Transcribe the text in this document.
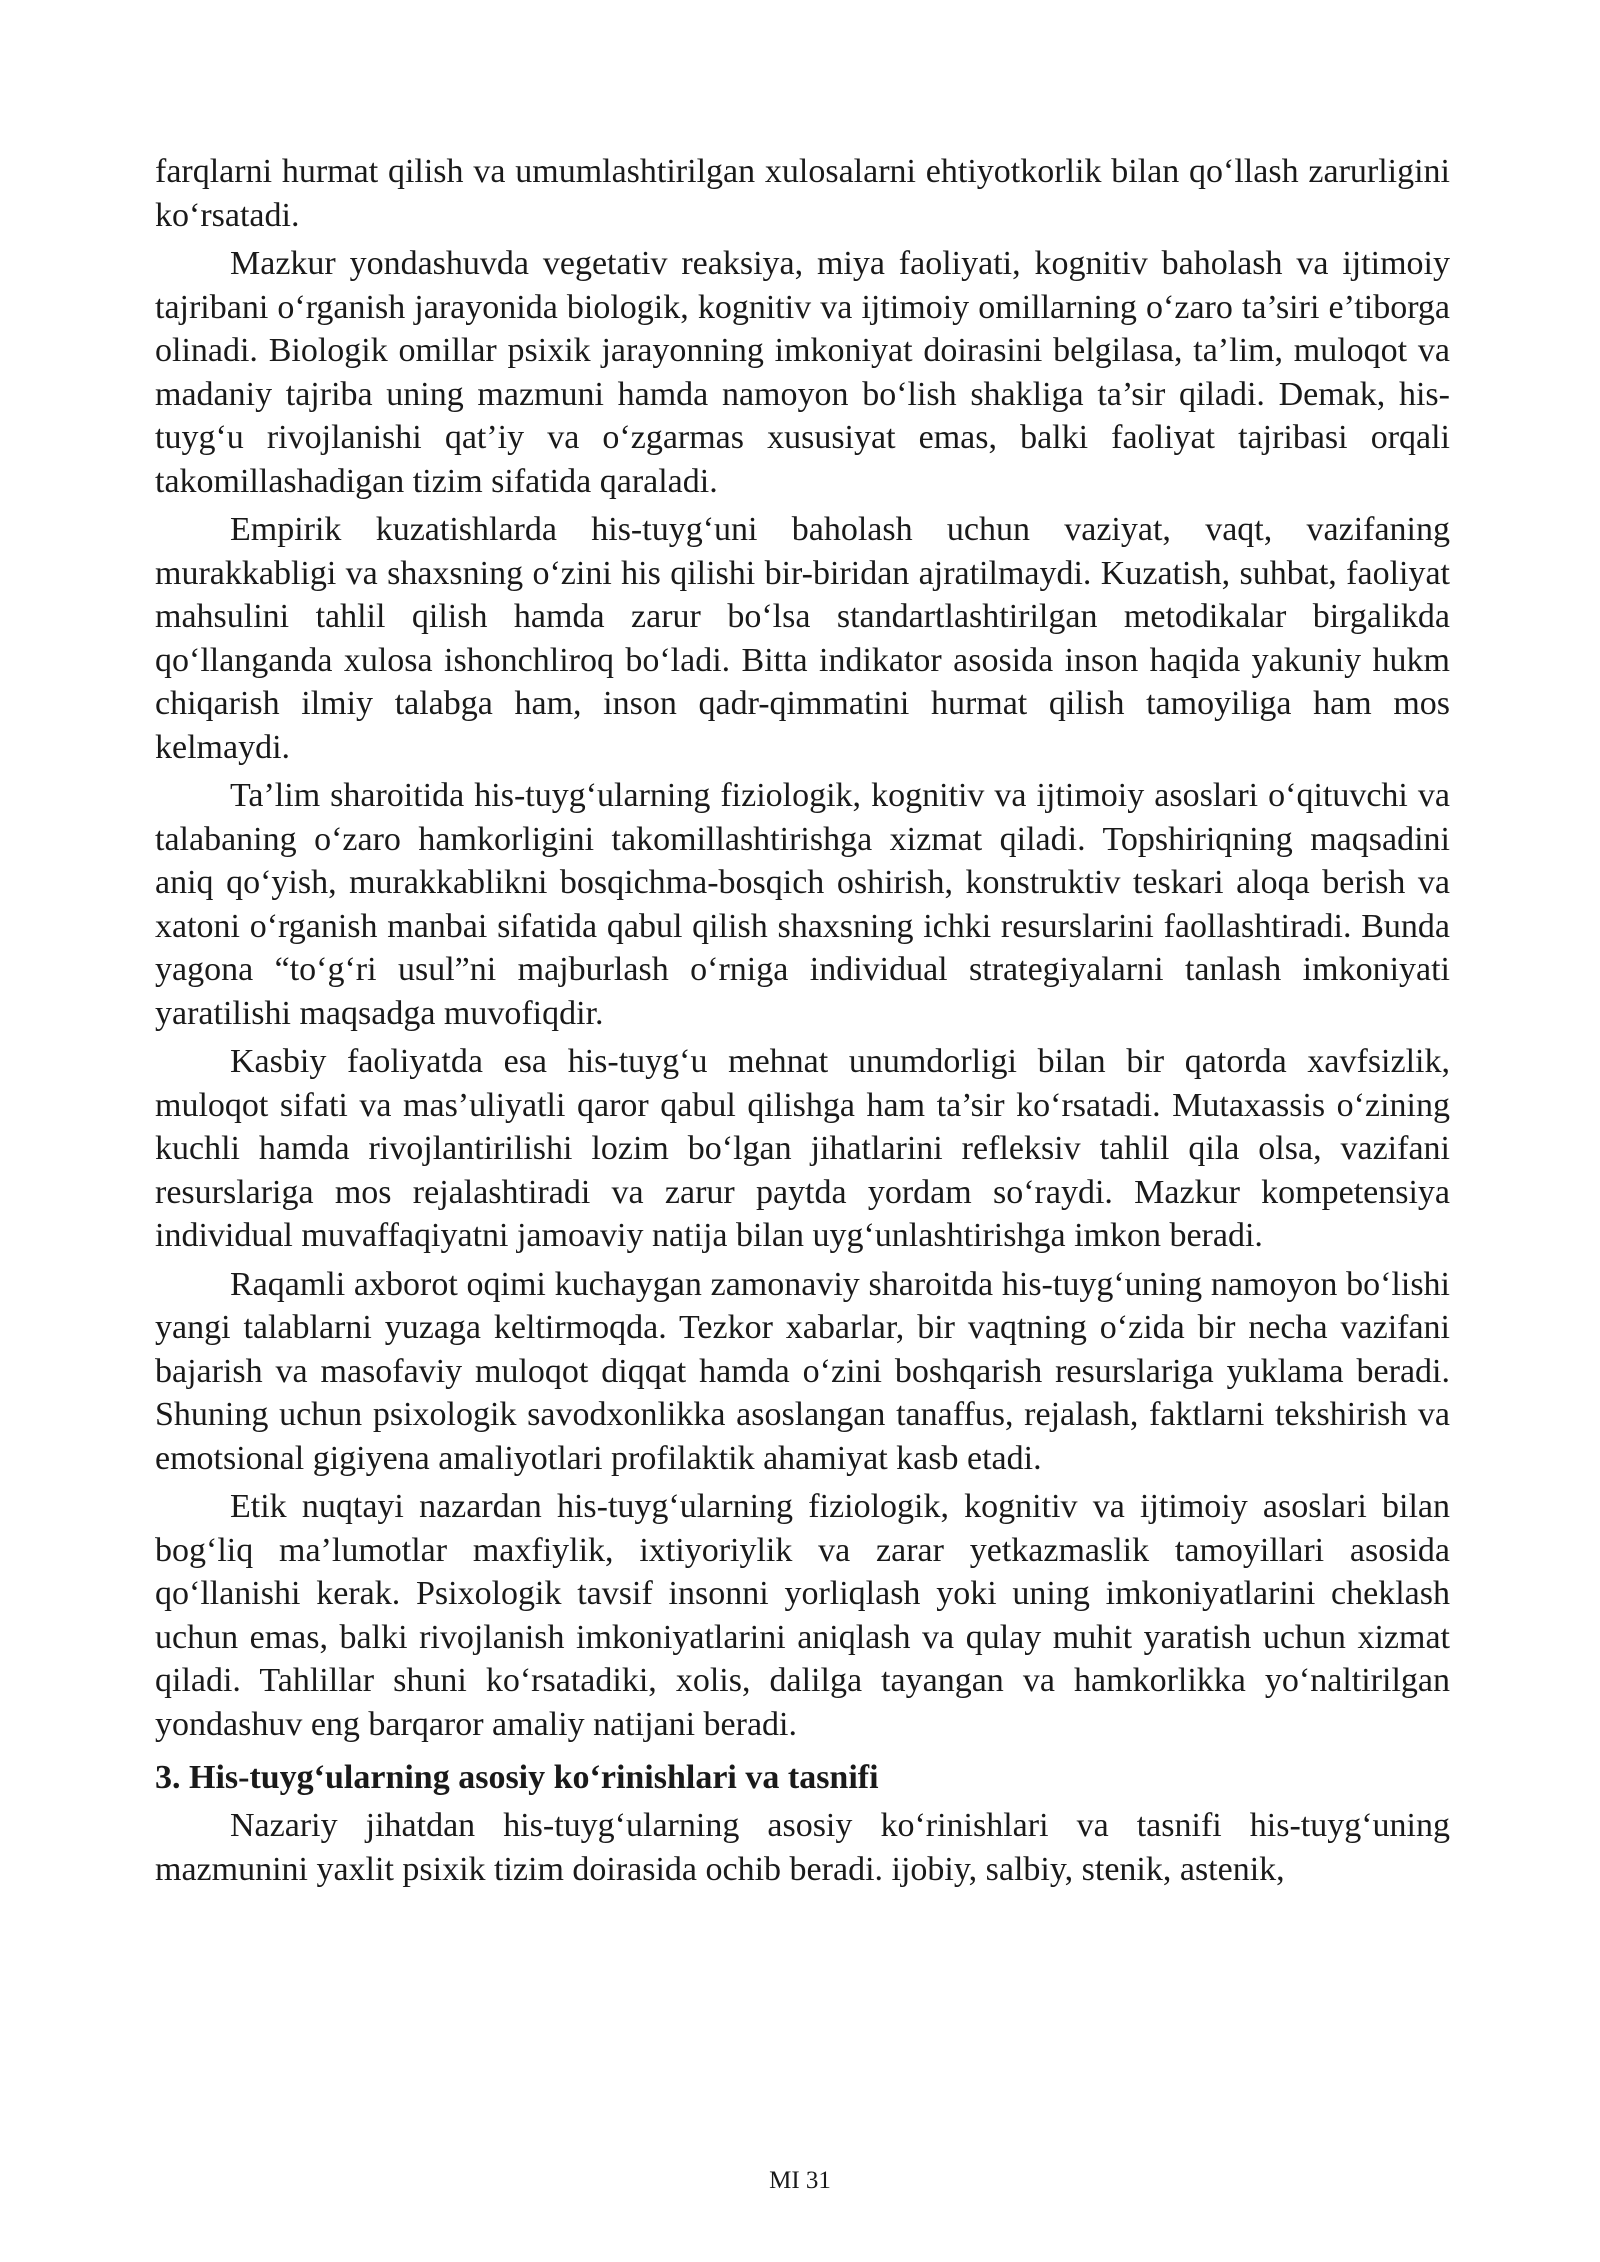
farqlarni hurmat qilish va umumlashtirilgan xulosalarni ehtiyotkorlik bilan qo‘llash zarurligini ko‘rsatadi.

Mazkur yondashuvda vegetativ reaksiya, miya faoliyati, kognitiv baholash va ijtimoiy tajribani o‘rganish jarayonida biologik, kognitiv va ijtimoiy omillarning o‘zaro ta’siri e’tiborga olinadi. Biologik omillar psixik jarayonning imkoniyat doirasini belgilasa, ta’lim, muloqot va madaniy tajriba uning mazmuni hamda namoyon bo‘lish shakliga ta’sir qiladi. Demak, his-tuyg‘u rivojlanishi qat’iy va o‘zgarmas xususiyat emas, balki faoliyat tajribasi orqali takomillashadigan tizim sifatida qaraladi.

Empirik kuzatishlarda his-tuyg‘uni baholash uchun vaziyat, vaqt, vazifaning murakkabligi va shaxsning o‘zini his qilishi bir-biridan ajratilmaydi. Kuzatish, suhbat, faoliyat mahsulini tahlil qilish hamda zarur bo‘lsa standartlashtirilgan metodikalar birgalikda qo‘llanganda xulosa ishonchliroq bo‘ladi. Bitta indikator asosida inson haqida yakuniy hukm chiqarish ilmiy talabga ham, inson qadr-qimmatini hurmat qilish tamoyiliga ham mos kelmaydi.

Ta’lim sharoitida his-tuyg‘ularning fiziologik, kognitiv va ijtimoiy asoslari o‘qituvchi va talabaning o‘zaro hamkorligini takomillashtirishga xizmat qiladi. Topshiriqning maqsadini aniq qo‘yish, murakkablikni bosqichma-bosqich oshirish, konstruktiv teskari aloqa berish va xatoni o‘rganish manbai sifatida qabul qilish shaxsning ichki resurslarini faollashtiradi. Bunda yagona “to‘g‘ri usul”ni majburlash o‘rniga individual strategiyalarni tanlash imkoniyati yaratilishi maqsadga muvofiqdir.

Kasbiy faoliyatda esa his-tuyg‘u mehnat unumdorligi bilan bir qatorda xavfsizlik, muloqot sifati va mas’uliyatli qaror qabul qilishga ham ta’sir ko‘rsatadi. Mutaxassis o‘zining kuchli hamda rivojlantirilishi lozim bo‘lgan jihatlarini refleksiv tahlil qila olsa, vazifani resurslariga mos rejalashtiradi va zarur paytda yordam so‘raydi. Mazkur kompetensiya individual muvaffaqiyatni jamoaviy natija bilan uyg‘unlashtirishga imkon beradi.

Raqamli axborot oqimi kuchaygan zamonaviy sharoitda his-tuyg‘uning namoyon bo‘lishi yangi talablarni yuzaga keltirmoqda. Tezkor xabarlar, bir vaqtning o‘zida bir necha vazifani bajarish va masofaviy muloqot diqqat hamda o‘zini boshqarish resurslariga yuklama beradi. Shuning uchun psixologik savodxonlikka asoslangan tanaffus, rejalash, faktlarni tekshirish va emotsional gigiyena amaliyotlari profilaktik ahamiyat kasb etadi.

Etik nuqtayi nazardan his-tuyg‘ularning fiziologik, kognitiv va ijtimoiy asoslari bilan bog‘liq ma’lumotlar maxfiylik, ixtiyoriylik va zarar yetkazmaslik tamoyillari asosida qo‘llanishi kerak. Psixologik tavsif insonni yorliqlash yoki uning imkoniyatlarini cheklash uchun emas, balki rivojlanish imkoniyatlarini aniqlash va qulay muhit yaratish uchun xizmat qiladi. Tahlillar shuni ko‘rsatadiki, xolis, dalilga tayangan va hamkorlikka yo‘naltirilgan yondashuv eng barqaror amaliy natijani beradi.

3. His-tuyg‘ularning asosiy ko‘rinishlari va tasnifi

Nazariy jihatdan his-tuyg‘ularning asosiy ko‘rinishlari va tasnifi his-tuyg‘uning mazmunini yaxlit psixik tizim doirasida ochib beradi. ijobiy, salbiy, stenik, astenik,

MI 31
